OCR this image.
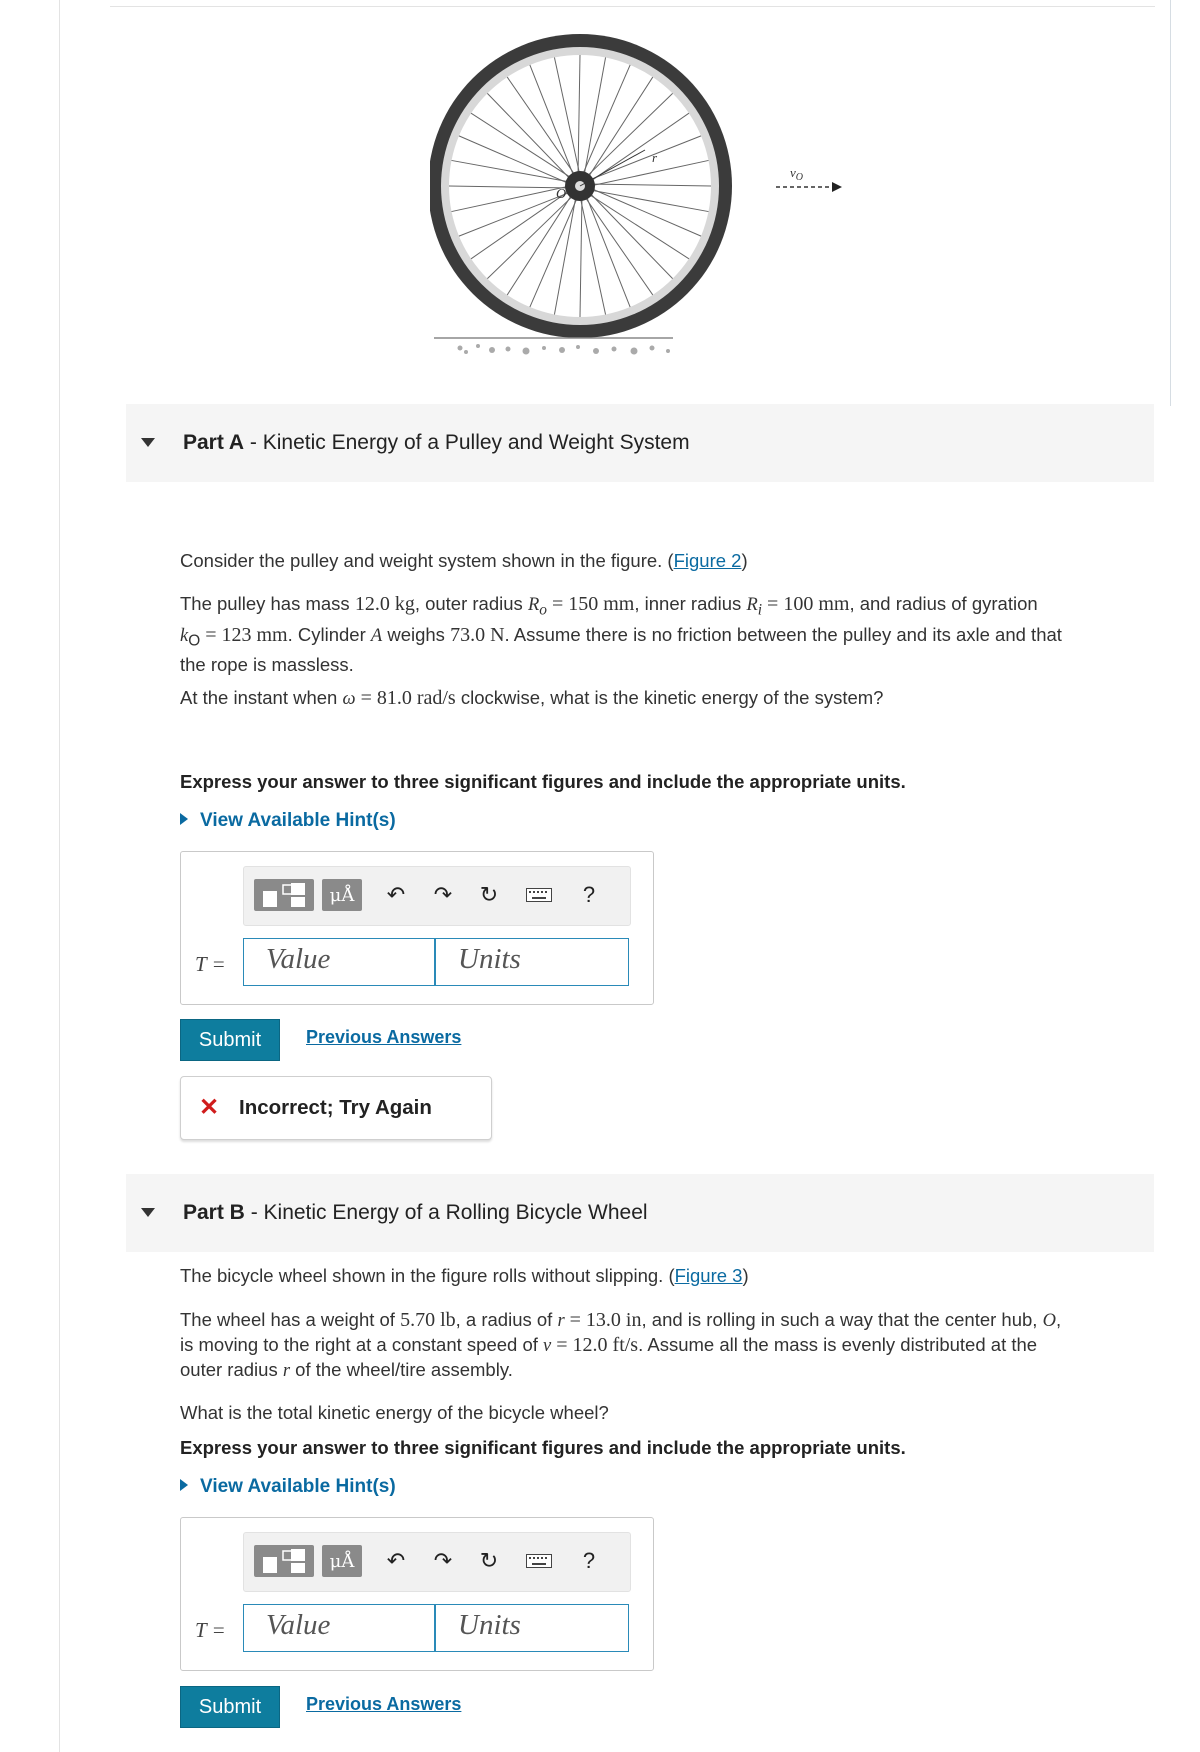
O
r
$v_O$
Part A - Kinetic Energy of a Pulley and Weight System
Consider the pulley and weight system shown in the figure. (Figure 2)
The pulley has mass 12.0 kg, outer radius $R_o = 150$ mm, inner radius $R_i = 100$ mm, and radius of gyration
$k_O = 123$ mm. Cylinder A weighs 73.0 N. Assume there is no friction between the pulley and its axle and that
the rope is massless.
At the instant when ω = 81.0 rad/s clockwise, what is the kinetic energy of the system?
Express your answer to three significant figures and include the appropriate units.
View Available Hint(s)
μÅ	↶	↷	↻	?
T =	Value	Units
Submit	Previous Answers
✕ Incorrect; Try Again
Part B - Kinetic Energy of a Rolling Bicycle Wheel
The bicycle wheel shown in the figure rolls without slipping. (Figure 3)
The wheel has a weight of 5.70 lb, a radius of r = 13.0 in, and is rolling in such a way that the center hub, O,
is moving to the right at a constant speed of v = 12.0 ft/s. Assume all the mass is evenly distributed at the
outer radius r of the wheel/tire assembly.
What is the total kinetic energy of the bicycle wheel?
Express your answer to three significant figures and include the appropriate units.
View Available Hint(s)
μÅ	↶	↷	↻	?
T =	Value	Units
Submit	Previous Answers
